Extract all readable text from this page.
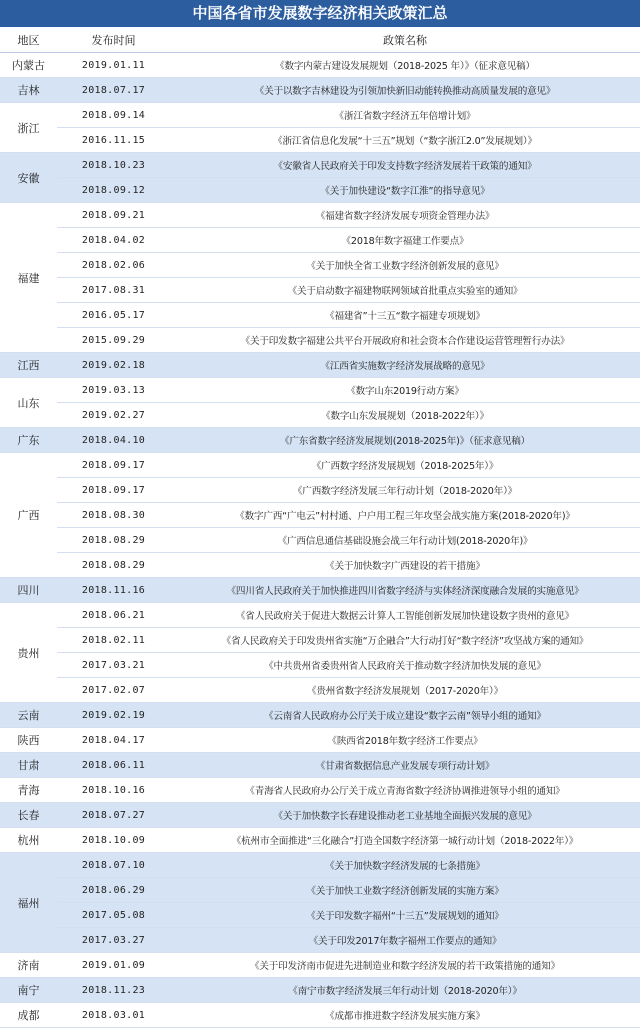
中国各省市发展数字经济相关政策汇总
地区	发布时间	政策名称
内蒙古	2019.01.11	《数字内蒙古建设发展规划（2018-2025 年）》（征求意见稿）
吉林	2018.07.17	《关于以数字吉林建设为引领加快新旧动能转换推动高质量发展的意见》
浙江	2018.09.14	《浙江省数字经济五年倍增计划》
	2016.11.15	《浙江省信息化发展“十三五”规划（“数字浙江2.0”发展规划）》
安徽	2018.10.23	《安徽省人民政府关于印发支持数字经济发展若干政策的通知》
	2018.09.12	《关于加快建设“数字江淮”的指导意见》
福建	2018.09.21	《福建省数字经济发展专项资金管理办法》
	2018.04.02	《2018年数字福建工作要点》
	2018.02.06	《关于加快全省工业数字经济创新发展的意见》
	2017.08.31	《关于启动数字福建物联网领域首批重点实验室的通知》
	2016.05.17	《福建省”十三五“数字福建专项规划》
	2015.09.29	《关于印发数字福建公共平台开展政府和社会资本合作建设运营管理暂行办法》
江西	2019.02.18	《江西省实施数字经济发展战略的意见》
山东	2019.03.13	《数字山东2019行动方案》
	2019.02.27	《数字山东发展规划（2018-2022年）》
广东	2018.04.10	《广东省数字经济发展规划(2018-2025年)》（征求意见稿）
广西	2018.09.17	《广西数字经济发展规划（2018-2025年）》
	2018.09.17	《广西数字经济发展三年行动计划（2018-2020年）》
	2018.08.30	《数字广西“广电云”村村通、户户用工程三年攻坚会战实施方案(2018-2020年)》
	2018.08.29	《广西信息通信基础设施会战三年行动计划(2018-2020年)》
	2018.08.29	《关于加快数字广西建设的若干措施》
四川	2018.11.16	《四川省人民政府关于加快推进四川省数字经济与实体经济深度融合发展的实施意见》
贵州	2018.06.21	《省人民政府关于促进大数据云计算人工智能创新发展加快建设数字贵州的意见》
	2018.02.11	《省人民政府关于印发贵州省实施“万企融合”大行动打好“数字经济”攻坚战方案的通知》
	2017.03.21	《中共贵州省委贵州省人民政府关于推动数字经济加快发展的意见》
	2017.02.07	《贵州省数字经济发展规划（2017-2020年）》
云南	2019.02.19	《云南省人民政府办公厅关于成立建设“数字云南”领导小组的通知》
陕西	2018.04.17	《陕西省2018年数字经济工作要点》
甘肃	2018.06.11	《甘肃省数据信息产业发展专项行动计划》
青海	2018.10.16	《青海省人民政府办公厅关于成立青海省数字经济协调推进领导小组的通知》
长春	2018.07.27	《关于加快数字长春建设推动老工业基地全面振兴发展的意见》
杭州	2018.10.09	《杭州市全面推进“三化融合”打造全国数字经济第一城行动计划（2018-2022年）》
福州	2018.07.10	《关于加快数字经济发展的七条措施》
	2018.06.29	《关于加快工业数字经济创新发展的实施方案》
	2017.05.08	《关于印发数字福州“十三五”发展规划的通知》
	2017.03.27	《关于印发2017年数字福州工作要点的通知》
济南	2019.01.09	《关于印发济南市促进先进制造业和数字经济发展的若干政策措施的通知》
南宁	2018.11.23	《南宁市数字经济发展三年行动计划（2018-2020年）》
成都	2018.03.01	《成都市推进数字经济发展实施方案》
